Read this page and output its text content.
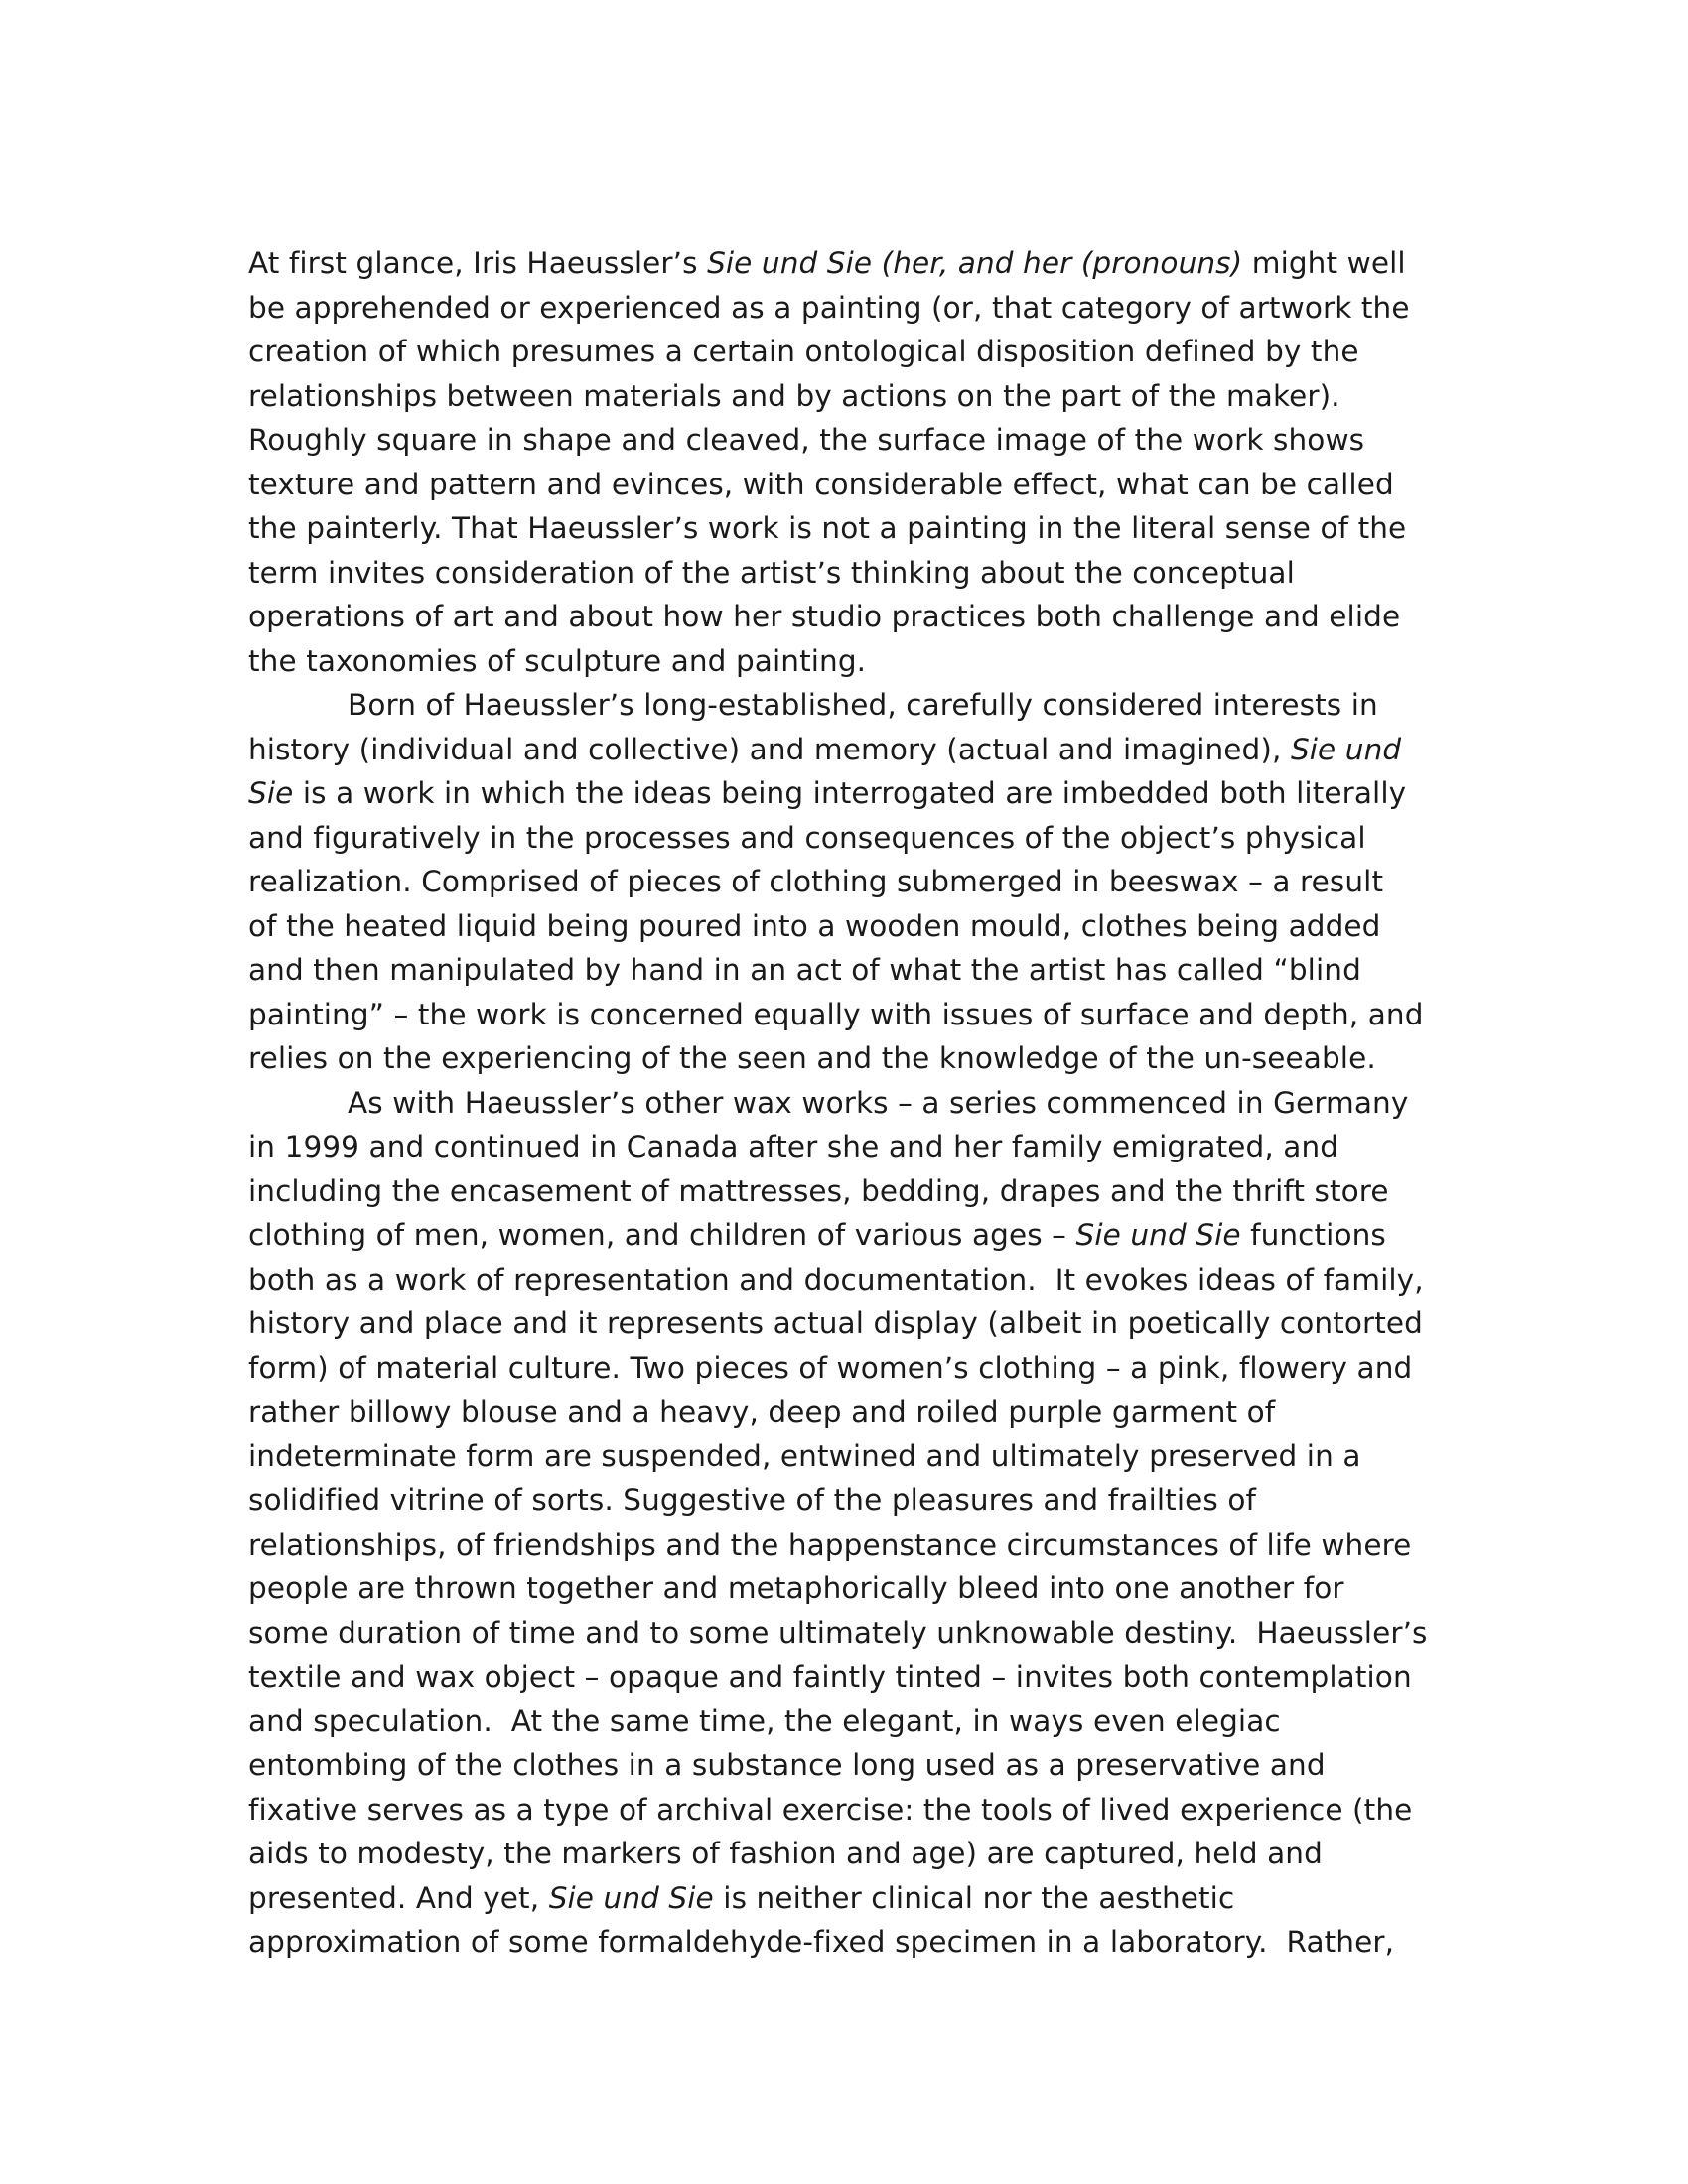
At first glance, Iris Haeussler’s Sie und Sie (her, and her (pronouns) might well
be apprehended or experienced as a painting (or, that category of artwork the
creation of which presumes a certain ontological disposition defined by the
relationships between materials and by actions on the part of the maker).
Roughly square in shape and cleaved, the surface image of the work shows
texture and pattern and evinces, with considerable effect, what can be called
the painterly. That Haeussler’s work is not a painting in the literal sense of the
term invites consideration of the artist’s thinking about the conceptual
operations of art and about how her studio practices both challenge and elide
the taxonomies of sculpture and painting.
Born of Haeussler’s long-established, carefully considered interests in
history (individual and collective) and memory (actual and imagined), Sie und
Sie is a work in which the ideas being interrogated are imbedded both literally
and figuratively in the processes and consequences of the object’s physical
realization. Comprised of pieces of clothing submerged in beeswax – a result
of the heated liquid being poured into a wooden mould, clothes being added
and then manipulated by hand in an act of what the artist has called “blind
painting” – the work is concerned equally with issues of surface and depth, and
relies on the experiencing of the seen and the knowledge of the un-seeable.
As with Haeussler’s other wax works – a series commenced in Germany
in 1999 and continued in Canada after she and her family emigrated, and
including the encasement of mattresses, bedding, drapes and the thrift store
clothing of men, women, and children of various ages – Sie und Sie functions
both as a work of representation and documentation.  It evokes ideas of family,
history and place and it represents actual display (albeit in poetically contorted
form) of material culture. Two pieces of women’s clothing – a pink, flowery and
rather billowy blouse and a heavy, deep and roiled purple garment of
indeterminate form are suspended, entwined and ultimately preserved in a
solidified vitrine of sorts. Suggestive of the pleasures and frailties of
relationships, of friendships and the happenstance circumstances of life where
people are thrown together and metaphorically bleed into one another for
some duration of time and to some ultimately unknowable destiny.  Haeussler’s
textile and wax object – opaque and faintly tinted – invites both contemplation
and speculation.  At the same time, the elegant, in ways even elegiac
entombing of the clothes in a substance long used as a preservative and
fixative serves as a type of archival exercise: the tools of lived experience (the
aids to modesty, the markers of fashion and age) are captured, held and
presented. And yet, Sie und Sie is neither clinical nor the aesthetic
approximation of some formaldehyde-fixed specimen in a laboratory.  Rather,
